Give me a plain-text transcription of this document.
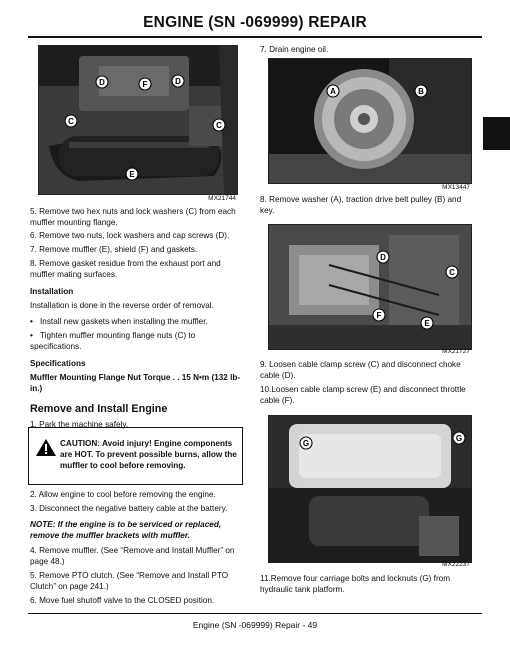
ENGINE (SN -069999) REPAIR
D	F	D
C	C
E
MX21744
5. Remove two hex nuts and lock washers (C) from each muffler mounting flange.
6. Remove two nuts, lock washers and cap screws (D).
7. Remove muffler (E), shield (F) and gaskets.
8. Remove gasket residue from the exhaust port and muffler mating surfaces.
Installation
Installation is done in the reverse order of removal.
• Install new gaskets when installing the muffler.
• Tighten muffler mounting flange nuts (C) to specifications.
Specifications
Muffler Mounting Flange Nut Torque . . 15 N•m (132 lb-in.)
Remove and Install Engine
1. Park the machine safely.
CAUTION: Avoid injury! Engine components
are HOT. To prevent possible burns, allow the
muffler to cool before removing.
2. Allow engine to cool before removing the engine.
3. Disconnect the negative battery cable at the battery.
NOTE: If the engine is to be serviced or replaced, remove the muffler brackets with muffler.
4. Remove muffler. (See “Remove and Install Muffler” on page 48.)
5. Remove PTO clutch. (See “Remove and Install PTO Clutch” on page 241.)
6. Move fuel shutoff valve to the CLOSED position.
7. Drain engine oil.
A	B
MX13447
8. Remove washer (A), traction drive belt pulley (B) and key.
D
C
F
E
MX21727
9. Loosen cable clamp screw (C) and disconnect choke cable (D).
10.Loosen cable clamp screw (E) and disconnect throttle cable (F).
G
G
MX22237
11.Remove four carriage bolts and locknuts (G) from hydraulic tank platform.
Engine (SN -069999) Repair - 49
